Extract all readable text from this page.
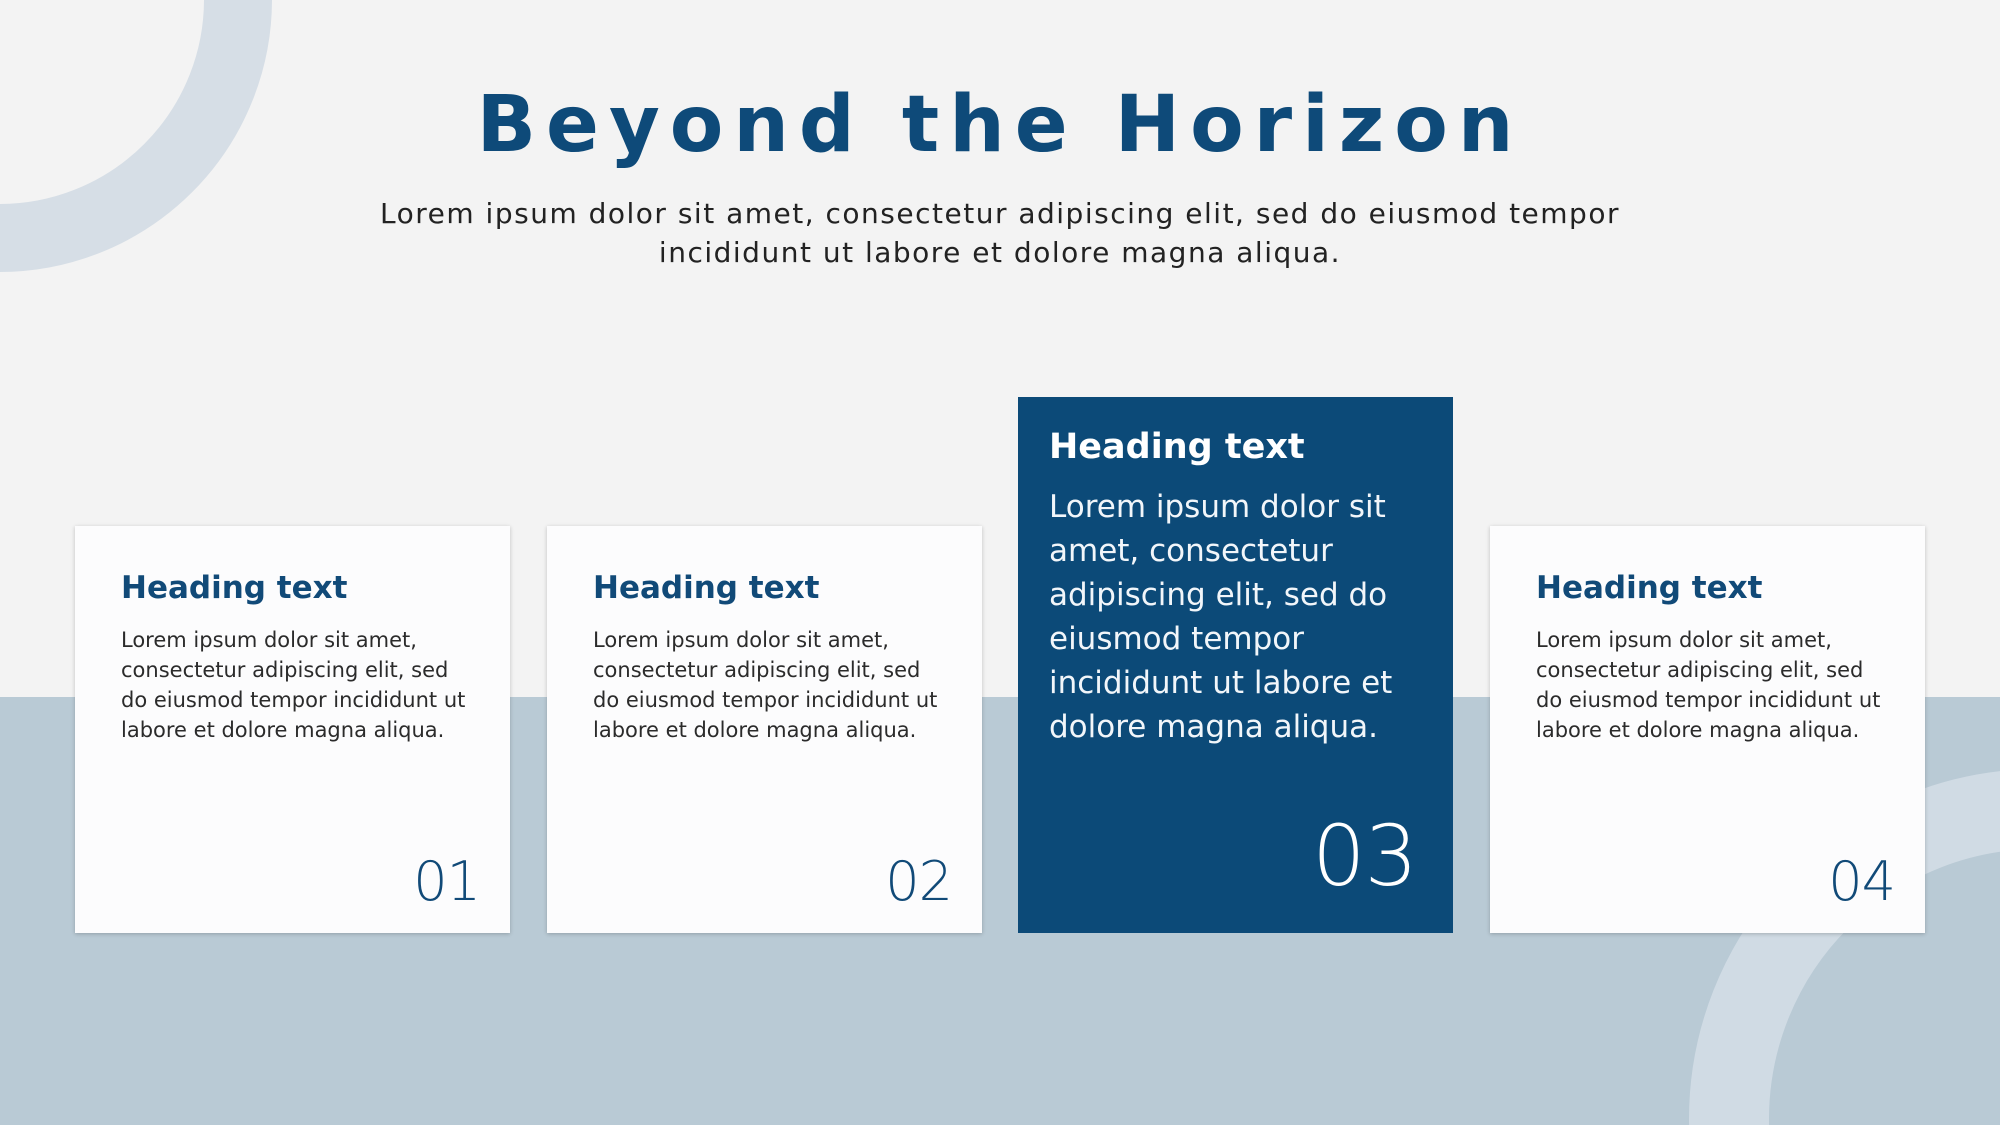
Beyond the Horizon

Lorem ipsum dolor sit amet, consectetur adipiscing elit, sed do eiusmod tempor incididunt ut labore et dolore magna aliqua.

Heading text

Lorem ipsum dolor sit amet, consectetur adipiscing elit, sed do eiusmod tempor incididunt ut labore et dolore magna aliqua.

01
Heading text

Lorem ipsum dolor sit amet, consectetur adipiscing elit, sed do eiusmod tempor incididunt ut labore et dolore magna aliqua.

02
Heading text

Lorem ipsum dolor sit amet, consectetur adipiscing elit, sed do eiusmod tempor incididunt ut labore et dolore magna aliqua.

03
Heading text

Lorem ipsum dolor sit amet, consectetur adipiscing elit, sed do eiusmod tempor incididunt ut labore et dolore magna aliqua.

04
